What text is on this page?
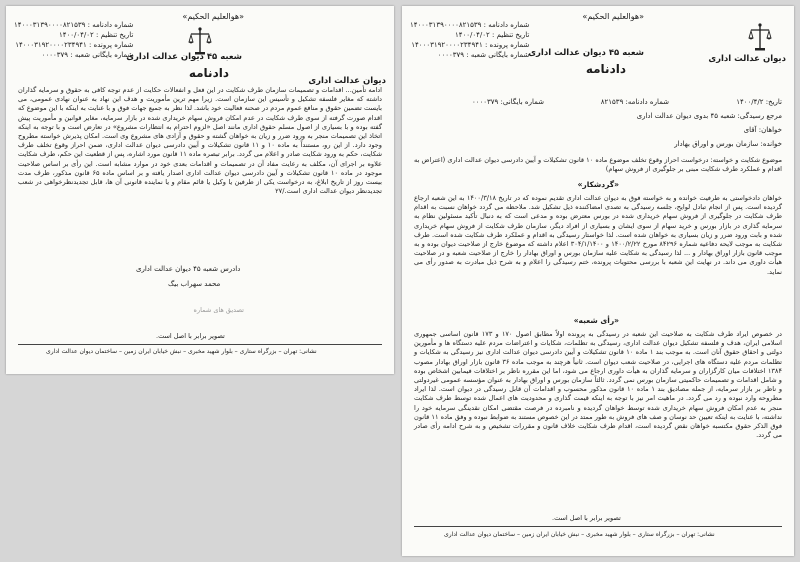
«هوالعلیم الحکیم»
دادنامه
شعبه ۴۵ دیوان عدالت اداری
شماره دادنامه : ۱۴۰۰۰۳۱۳۹۰۰۰۰۸۲۱۵۳۹
تاریخ تنظیم : ۱۴۰۰/۰۴/۰۲
شماره پرونده : ۱۴۰۰۰۳۱۹۲۰۰۰۰۲۳۴۹۴۱
شماره بایگانی شعبه : ۰۰۰۰۳۷۹
دیوان عدالت اداری
ادامه تأمین... اقدامات و تصمیمات سازمان طرف شکایت در این فعل و انفعالات حکایت از عدم توجه کافی به حقوق و سرمایه گذاران داشته که مغایر فلسفه تشکیل و تأسیس این سازمان است. زیرا مهم ترین مأموریت و هدف این نهاد به عنوان نهادی عمومی، می بایست تضمین حقوق و منافع عموم مردم در صحنه فعالیت خود باشد. لذا نظر به جمیع جهات فوق و با عنایت به اینکه با این موضوع که اقدام صورت گرفته از سوی طرف شکایت در عدم امکان فروش سهام خریداری شده در بازار سرمایه، مغایر قوانین و مأموریت پیش گفته بوده و با بسیاری از اصول مسلم حقوق اداری مانند اصل «لزوم احترام به انتظارات مشروع» در تعارض است و با توجه به اینکه اتخاذ این تصمیمات منجر به ورود ضرر و زیان به خواهان گشته و حقوق و آزادی های مشروع وی است. امکان پذیرش خواسته مطروح وجود دارد. از این رو، مستنداً به ماده ۱۰ و ۱۱ قانون تشکیلات و آیین دادرسی دیوان عدالت اداری، ضمن احراز وقوع تخلف طرف شکایت، حکم به ورود شکایت صادر و اعلام می گردد. برابر تبصره ماده ۱۱ قانون مورد اشاره، پس از قطعیت این حکم، طرف شکایت علاوه بر اجرای آن، مکلف به رعایت مفاد آن در تصمیمات و اقدامات بعدی خود در موارد مشابه است. این رأی بر اساس صلاحیت موجود در ماده ۱۰ قانون تشکیلات و آیین دادرسی دیوان عدالت اداری اصدار یافته و بر اساس ماده ۶۵ قانون مذکور، ظرف مدت بیست روز از تاریخ ابلاغ، به درخواست یکی از طرفین یا وکیل یا قائم مقام و یا نماینده قانونی آن ها، قابل تجدیدنظرخواهی در شعب تجدیدنظر دیوان عدالت اداری است./۲۷
دادرس شعبه ۴۵ دیوان عدالت اداری
محمد سهراب بیگ
تصدیق های شماره
تصویر برابر با اصل است.
نشانی: تهران – بزرگراه ستاری – بلوار شهید مخبری – نبش خیابان ایران زمین – ساختمان دیوان عدالت اداری
«هوالعلیم الحکیم»
شعبه ۴۵ دیوان عدالت اداری
دادنامه
دیوان عدالت اداری
شماره دادنامه : ۱۴۰۰۰۳۱۳۹۰۰۰۰۸۲۱۵۳۹
تاریخ تنظیم : ۱۴۰۰/۰۴/۰۲
شماره پرونده : ۱۴۰۰۰۳۱۹۲۰۰۰۰۲۳۴۹۴۱
شماره بایگانی شعبه : ۰۰۰۰۳۷۹
تاریخ: ۱۴۰۰/۴/۲
شماره دادنامه: ۸۲۱۵۳۹
شماره بایگانی: ۰۰۰۰۳۷۹
مرجع رسیدگی: شعبه ۴۵ بدوی دیوان عدالت اداری
خواهان: آقای
خوانده: سازمان بورس و اوراق بهادار
موضوع شکایت و خواسته: درخواست احراز وقوع تخلف موضوع ماده ۱۰ قانون تشکیلات و آیین دادرسی دیوان عدالت اداری (اعتراض به اقدام و عملکرد طرف شکایت مبنی بر جلوگیری از فروش سهام)
«گردشکار»
خواهان دادخواستی به طرفیت خوانده و به خواسته فوق به دیوان عدالت اداری تقدیم نموده که در تاریخ ۱۴۰۰/۳/۱۸ به این شعبه ارجاع گردیده است. پس از انجام تبادل لوایح، جلسه رسیدگی به تصدی امضاکننده ذیل تشکیل شد. ملاحظه می گردد خواهان نسبت به اقدام طرف شکایت در جلوگیری از فروش سهام خریداری شده در بورس معترض بوده و مدعی است که به دنبال تأکید مسئولین نظام به سرمایه گذاری در بازار بورس و خرید سهام از سوی ایشان و بسیاری از افراد دیگر، سازمان طرف شکایت از فروش سهام خریداری شده و بابت ورود ضرر و زیان بسیاری به خواهان شده است. لذا خواستار رسیدگی به اقدام و عملکرد طرف شکایت شده است. طرف شکایت به موجب لایحه دفاعیه شماره ۸۴۲۹۶ مورخ ۱۴۰۰/۲/۲۲ و ۳۰۴/۱/۱۴۰۰ اعلام داشته که موضوع خارج از صلاحیت دیوان بوده و به موجب قانون بازار اوراق بهادار و ... لذا رسیدگی به شکایت علیه سازمان بورس و اوراق بهادار را خارج از صلاحیت شعبه و در صلاحیت هیأت داوری می داند. در نهایت این شعبه با بررسی محتویات پرونده، ختم رسیدگی را اعلام و به شرح ذیل مبادرت به صدور رأی می نماید.
«رأی شعبه»
در خصوص ایراد طرف شکایت به صلاحیت این شعبه در رسیدگی به پرونده اولاً مطابق اصول ۱۷۰ و ۱۷۳ قانون اساسی جمهوری اسلامی ایران، هدف و فلسفه تشکیل دیوان عدالت اداری، رسیدگی به تظلمات، شکایات و اعتراضات مردم علیه دستگاه ها و مأمورین دولتی و احقاق حقوق آنان است. به موجب بند ۱ ماده ۱۰ قانون تشکیلات و آیین دادرسی دیوان عدالت اداری نیز رسیدگی به شکایات و تظلمات مردم علیه دستگاه های اجرایی، در صلاحیت شعب دیوان است. ثانیاً هرچند به موجب ماده ۳۶ قانون بازار اوراق بهادار مصوب ۱۳۸۴ اختلافات میان کارگزاران و سرمایه گذاران به هیأت داوری ارجاع می شود، اما این مقرره ناظر بر اختلافات فیمابین اشخاص بوده و شامل اقدامات و تصمیمات حاکمیتی سازمان بورس نمی گردد. ثالثاً سازمان بورس و اوراق بهادار به عنوان مؤسسه عمومی غیردولتی و ناظر بر بازار سرمایه، از جمله مصادیق بند ۱ ماده ۱۰ قانون مذکور محسوب و اقدامات آن قابل رسیدگی در دیوان است. لذا ایراد مطروحه وارد نبوده و رد می گردد. در ماهیت امر نیز با توجه به اینکه قیمت گذاری و محدودیت های اعمال شده توسط طرف شکایت منجر به عدم امکان فروش سهام خریداری شده توسط خواهان گردیده و نامبرده در فرصت مقتضی امکان نقدینگی سرمایه خود را نداشته، با عنایت به اینکه تعیین حد نوسان و صف های فروش به طور ممتد در این خصوص مستند به ضوابط نبوده و وفق ماده ۱۱ قانون فوق الذکر حقوق مکتسبه خواهان نقض گردیده است، اقدام طرف شکایت خلاف قانون و مقررات تشخیص و به شرح ادامه رأی صادر می گردد.
تصویر برابر با اصل است.
نشانی: تهران – بزرگراه ستاری – بلوار شهید مخبری – نبش خیابان ایران زمین – ساختمان دیوان عدالت اداری
